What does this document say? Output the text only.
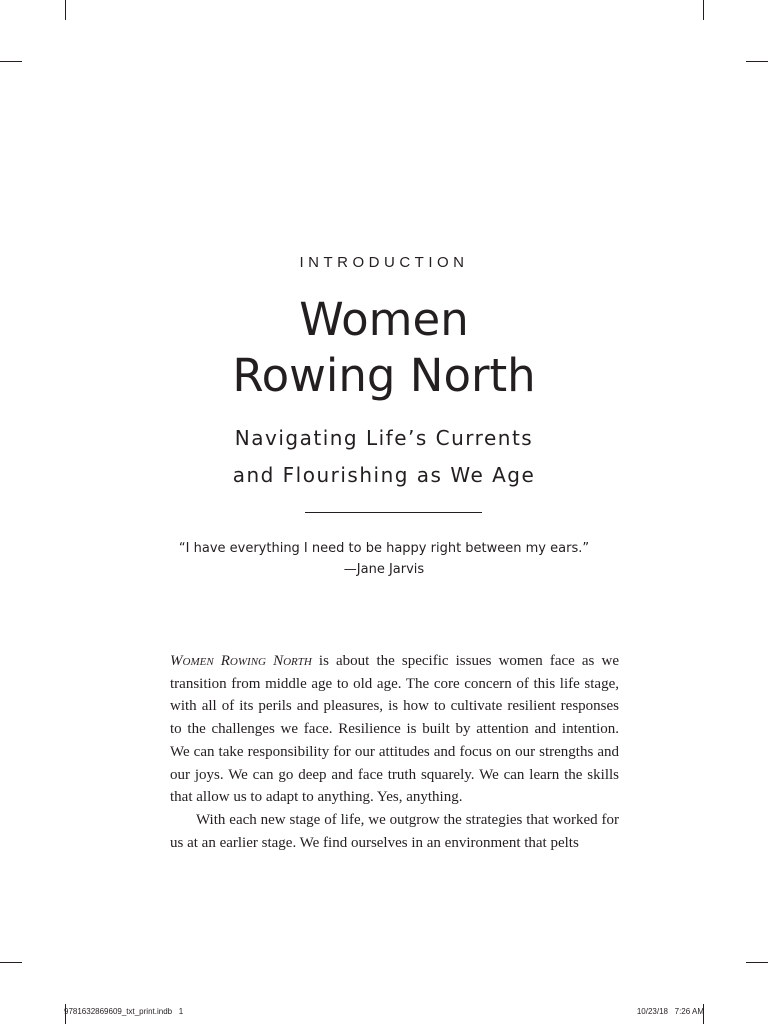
INTRODUCTION
Women
Rowing North
Navigating Life’s Currents
and Flourishing as We Age
“I have everything I need to be happy right between my ears.”
—Jane Jarvis

Women Rowing North is about the specific issues women face as we transition from middle age to old age. The core concern of this life stage, with all of its perils and pleasures, is how to cultivate resilient responses to the challenges we face. Resilience is built by attention and intention. We can take responsibility for our attitudes and focus on our strengths and our joys. We can go deep and face truth squarely. We can learn the skills that allow us to adapt to anything. Yes, anything.

With each new stage of life, we outgrow the strategies that worked for us at an earlier stage. We find ourselves in an environment that pelts

9781632869609_txt_print.indb   1	10/23/18   7:26 AM
